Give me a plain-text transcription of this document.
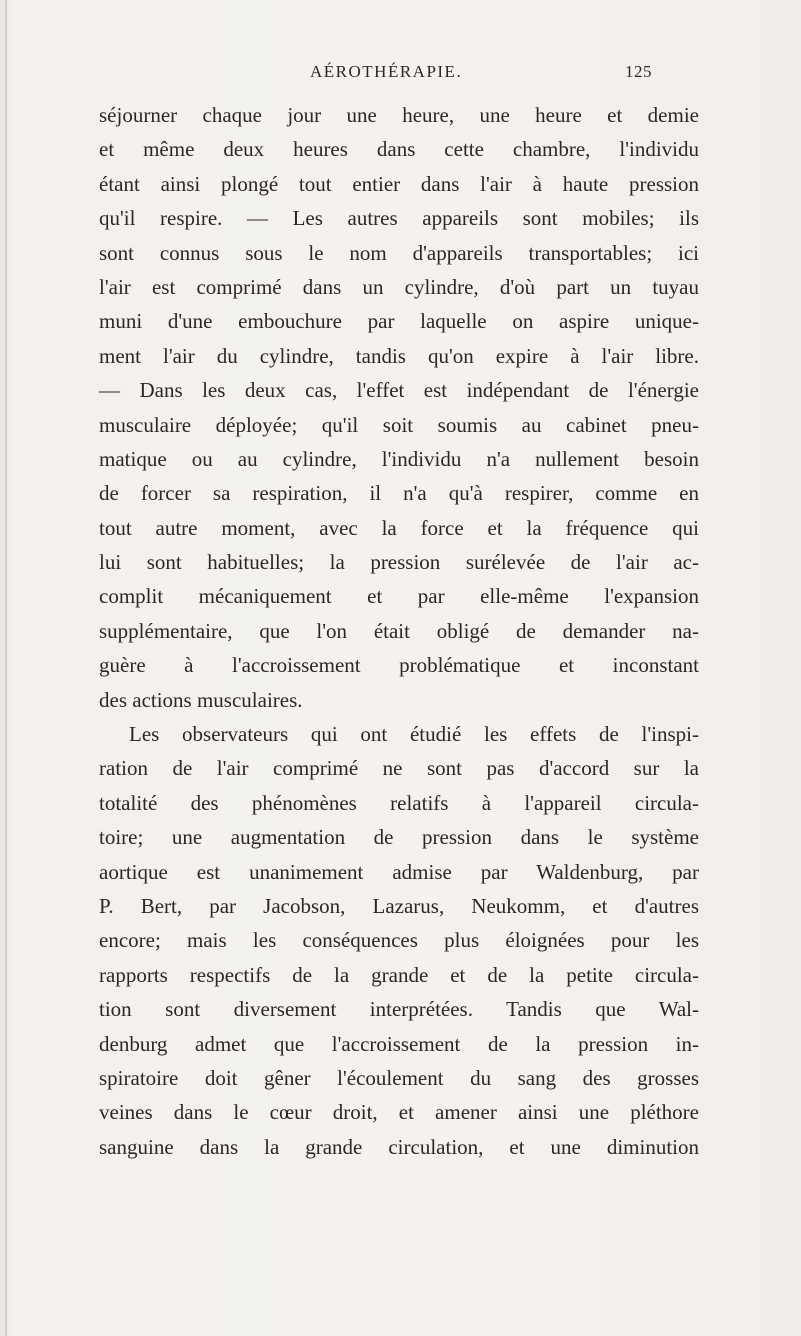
AÉROTHÉRAPIE.	125
séjourner chaque jour une heure, une heure et demie
et même deux heures dans cette chambre, l'individu
étant ainsi plongé tout entier dans l'air à haute pression
qu'il respire. — Les autres appareils sont mobiles; ils
sont connus sous le nom d'appareils transportables; ici
l'air est comprimé dans un cylindre, d'où part un tuyau
muni d'une embouchure par laquelle on aspire unique-
ment l'air du cylindre, tandis qu'on expire à l'air libre.
— Dans les deux cas, l'effet est indépendant de l'énergie
musculaire déployée; qu'il soit soumis au cabinet pneu-
matique ou au cylindre, l'individu n'a nullement besoin
de forcer sa respiration, il n'a qu'à respirer, comme en
tout autre moment, avec la force et la fréquence qui
lui sont habituelles; la pression surélevée de l'air ac-
complit mécaniquement et par elle-même l'expansion
supplémentaire, que l'on était obligé de demander na-
guère à l'accroissement problématique et inconstant
des actions musculaires.
Les observateurs qui ont étudié les effets de l'inspi-
ration de l'air comprimé ne sont pas d'accord sur la
totalité des phénomènes relatifs à l'appareil circula-
toire; une augmentation de pression dans le système
aortique est unanimement admise par Waldenburg, par
P. Bert, par Jacobson, Lazarus, Neukomm, et d'autres
encore; mais les conséquences plus éloignées pour les
rapports respectifs de la grande et de la petite circula-
tion sont diversement interprétées. Tandis que Wal-
denburg admet que l'accroissement de la pression in-
spiratoire doit gêner l'écoulement du sang des grosses
veines dans le cœur droit, et amener ainsi une pléthore
sanguine dans la grande circulation, et une diminution
